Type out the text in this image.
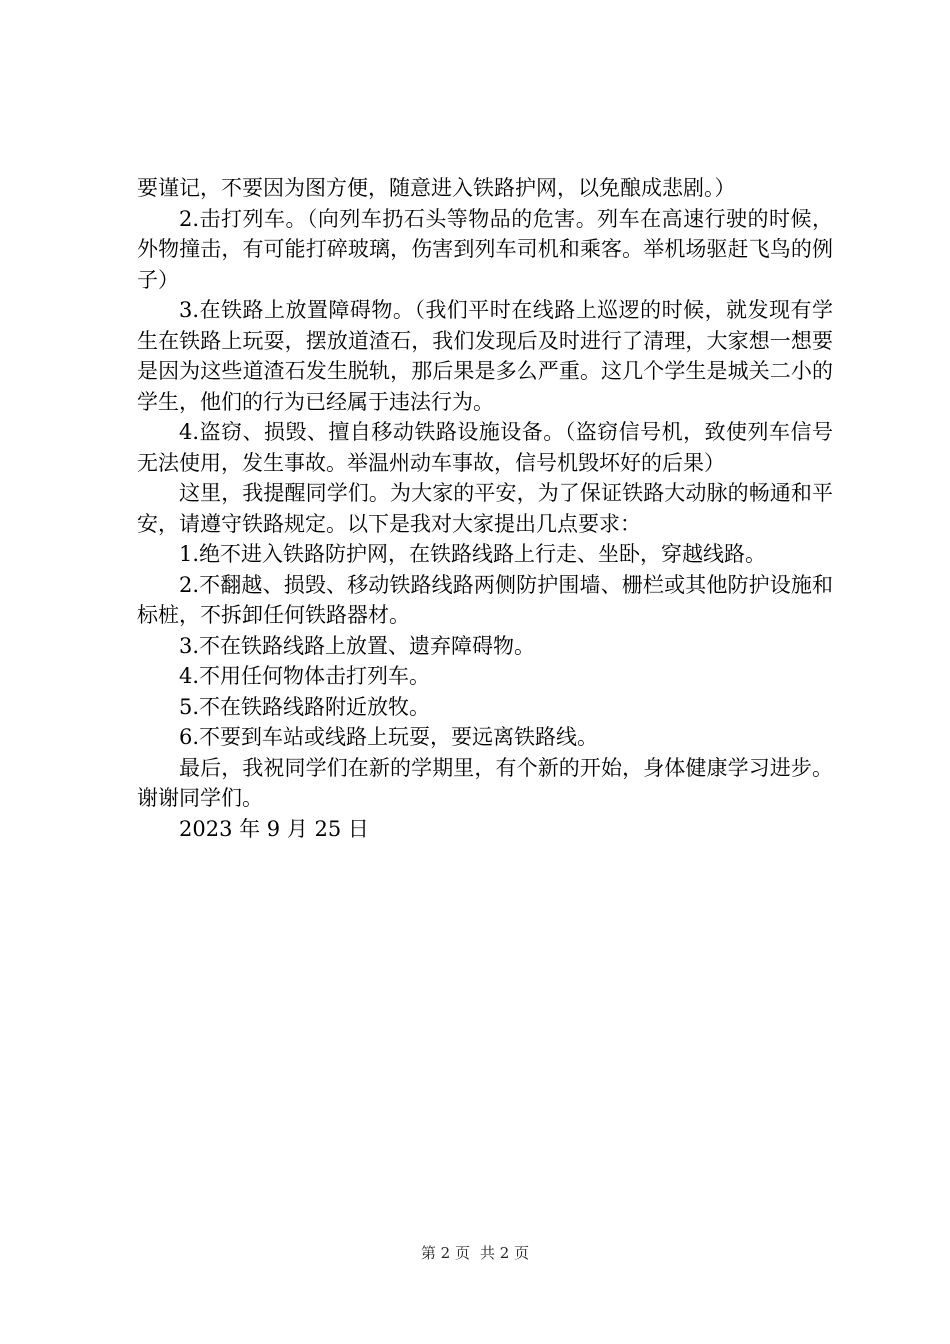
要谨记，不要因为图方便，随意进入铁路护网，以免酿成悲剧。）

2.击打列车。（向列车扔石头等物品的危害。列车在高速行驶的时候，外物撞击，有可能打碎玻璃，伤害到列车司机和乘客。举机场驱赶飞鸟的例子）

3.在铁路上放置障碍物。（我们平时在线路上巡逻的时候，就发现有学生在铁路上玩耍，摆放道渣石，我们发现后及时进行了清理，大家想一想要是因为这些道渣石发生脱轨，那后果是多么严重。这几个学生是城关二小的学生，他们的行为已经属于违法行为。

4.盗窃、损毁、擅自移动铁路设施设备。（盗窃信号机，致使列车信号无法使用，发生事故。举温州动车事故，信号机毁坏好的后果）

这里，我提醒同学们。为大家的平安，为了保证铁路大动脉的畅通和平安，请遵守铁路规定。以下是我对大家提出几点要求：

1.绝不进入铁路防护网，在铁路线路上行走、坐卧，穿越线路。

2.不翻越、损毁、移动铁路线路两侧防护围墙、栅栏或其他防护设施和标桩，不拆卸任何铁路器材。

3.不在铁路线路上放置、遗弃障碍物。

4.不用任何物体击打列车。

5.不在铁路线路附近放牧。

6.不要到车站或线路上玩耍，要远离铁路线。

最后，我祝同学们在新的学期里，有个新的开始，身体健康学习进步。谢谢同学们。

2023 年 9 月 25 日

第 2 页 共 2 页
